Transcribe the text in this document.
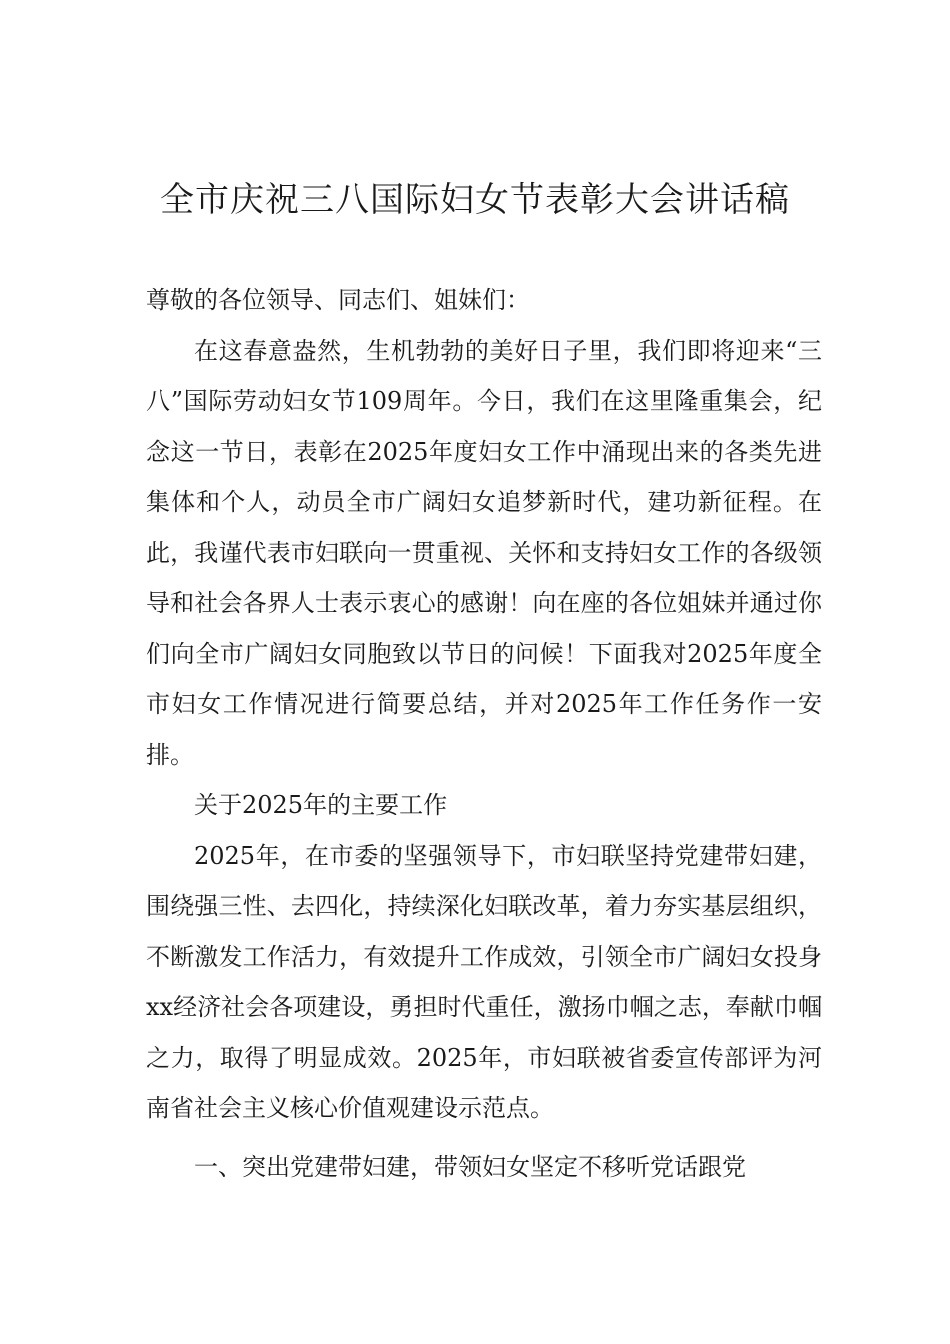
全市庆祝三八国际妇女节表彰大会讲话稿

尊敬的各位领导、同志们、姐妹们：

在这春意盎然，生机勃勃的美好日子里，我们即将迎来“三八”国际劳动妇女节109周年。今日，我们在这里隆重集会，纪念这一节日，表彰在2025年度妇女工作中涌现出来的各类先进集体和个人，动员全市广阔妇女追梦新时代，建功新征程。在此，我谨代表市妇联向一贯重视、关怀和支持妇女工作的各级领导和社会各界人士表示衷心的感谢！向在座的各位姐妹并通过你们向全市广阔妇女同胞致以节日的问候！下面我对2025年度全市妇女工作情况进行简要总结，并对2025年工作任务作一安排。

关于2025年的主要工作

2025年，在市委的坚强领导下，市妇联坚持党建带妇建，围绕强三性、去四化，持续深化妇联改革，着力夯实基层组织，不断激发工作活力，有效提升工作成效，引领全市广阔妇女投身xx经济社会各项建设，勇担时代重任，激扬巾帼之志，奉献巾帼之力，取得了明显成效。2025年，市妇联被省委宣传部评为河南省社会主义核心价值观建设示范点。

一、突出党建带妇建，带领妇女坚定不移听党话跟党
